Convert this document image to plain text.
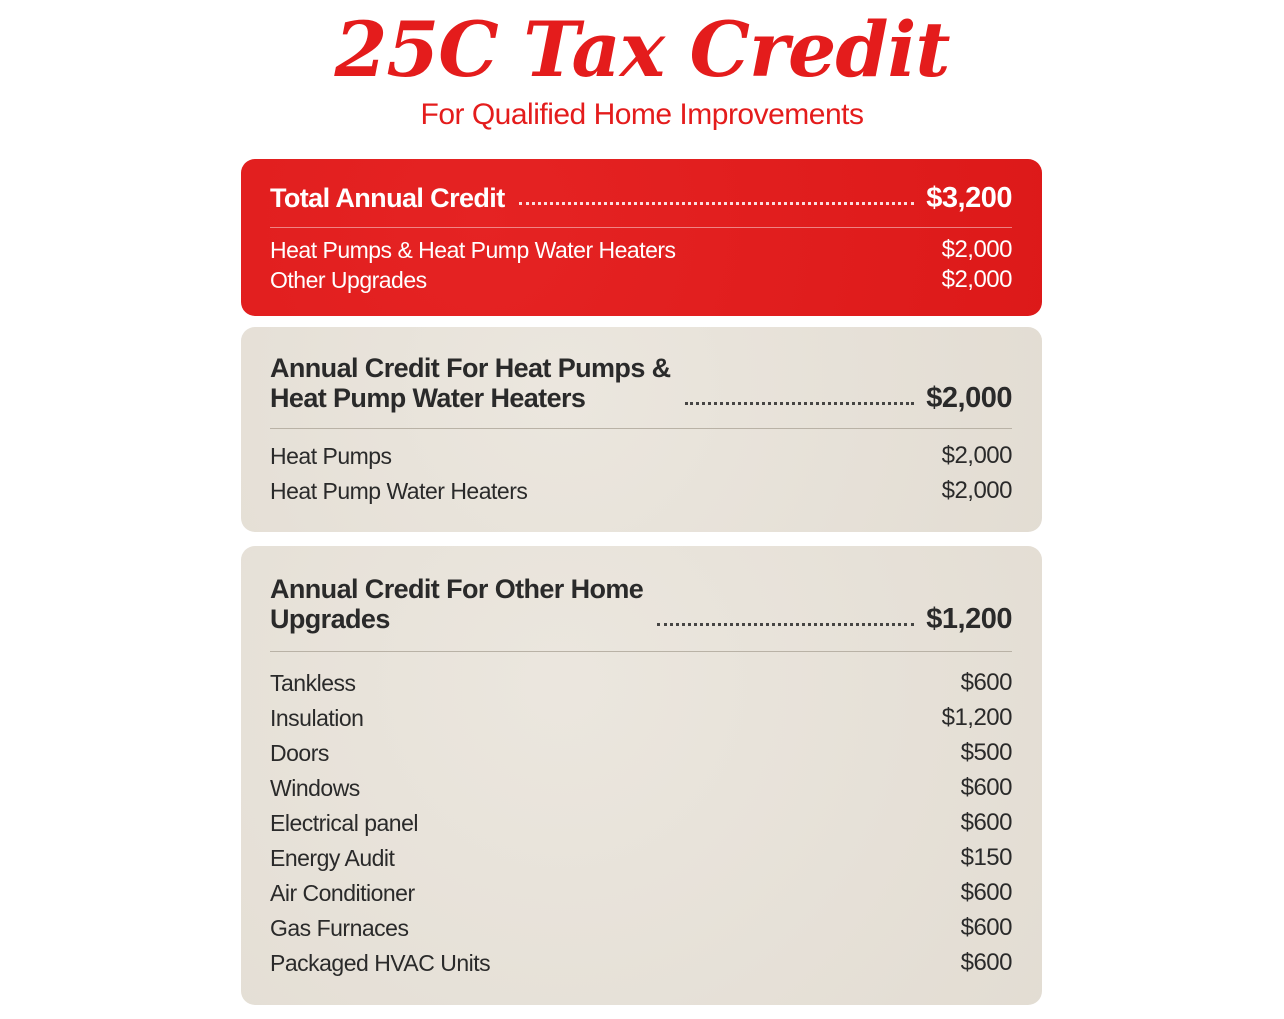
25C Tax Credit
For Qualified Home Improvements
Total Annual Credit	$3,200
Heat Pumps & Heat Pump Water Heaters	$2,000
Other Upgrades	$2,000
Annual Credit For Heat Pumps &
Heat Pump Water Heaters	$2,000
Heat Pumps	$2,000
Heat Pump Water Heaters	$2,000
Annual Credit For Other Home
Upgrades	$1,200
Tankless	$600
Insulation	$1,200
Doors	$500
Windows	$600
Electrical panel	$600
Energy Audit	$150
Air Conditioner	$600
Gas Furnaces	$600
Packaged HVAC Units	$600
